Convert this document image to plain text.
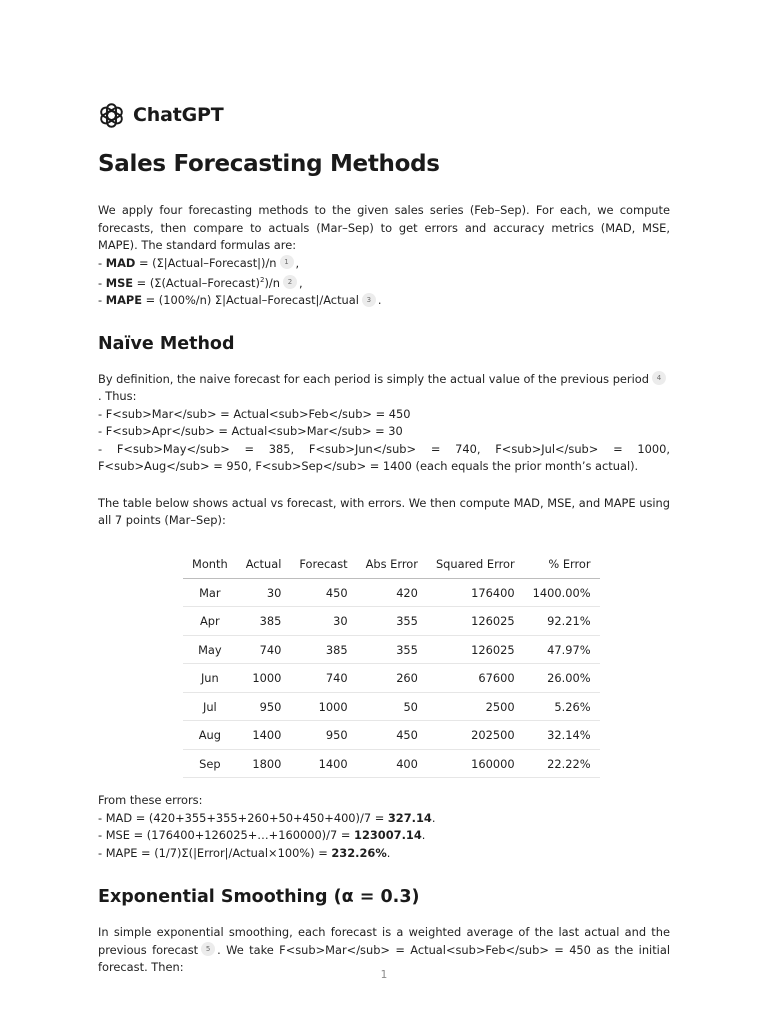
ChatGPT
Sales Forecasting Methods

We apply four forecasting methods to the given sales series (Feb–Sep). For each, we compute forecasts, then compare to actuals (Mar–Sep) to get errors and accuracy metrics (MAD, MSE, MAPE). The standard formulas are:

- MAD = (Σ|Actual–Forecast|)/n 1 ,
- MSE = (Σ(Actual–Forecast)$^2$)/n 2 ,
- MAPE = (100%/n) Σ|Actual–Forecast|/Actual 3 .
Naïve Method
By definition, the naive forecast for each period is simply the actual value of the previous period 4. Thus:
- F<sub>Mar</sub> = Actual<sub>Feb</sub> = 450
- F<sub>Apr</sub> = Actual<sub>Mar</sub> = 30
- F<sub>May</sub> = 385, F<sub>Jun</sub> = 740, F<sub>Jul</sub> = 1000, F<sub>Aug</sub> = 950, F<sub>Sep</sub> = 1400 (each equals the prior month’s actual).

The table below shows actual vs forecast, with errors. We then compute MAD, MSE, and MAPE using all 7 points (Mar–Sep):

Month	Actual	Forecast	Abs Error	Squared Error	% Error
Mar	30	450	420	176400	1400.00%
Apr	385	30	355	126025	92.21%
May	740	385	355	126025	47.97%
Jun	1000	740	260	67600	26.00%
Jul	950	1000	50	2500	5.26%
Aug	1400	950	450	202500	32.14%
Sep	1800	1400	400	160000	22.22%
From these errors:
- MAD = (420+355+355+260+50+450+400)/7 = 327.14.
- MSE = (176400+126025+…+160000)/7 = 123007.14.
- MAPE = (1/7)Σ(|Error|/Actual×100%) = 232.26%.
Exponential Smoothing (α = 0.3)

In simple exponential smoothing, each forecast is a weighted average of the last actual and the previous forecast 5 . We take F<sub>Mar</sub> = Actual<sub>Feb</sub> = 450 as the initial forecast. Then:

1
